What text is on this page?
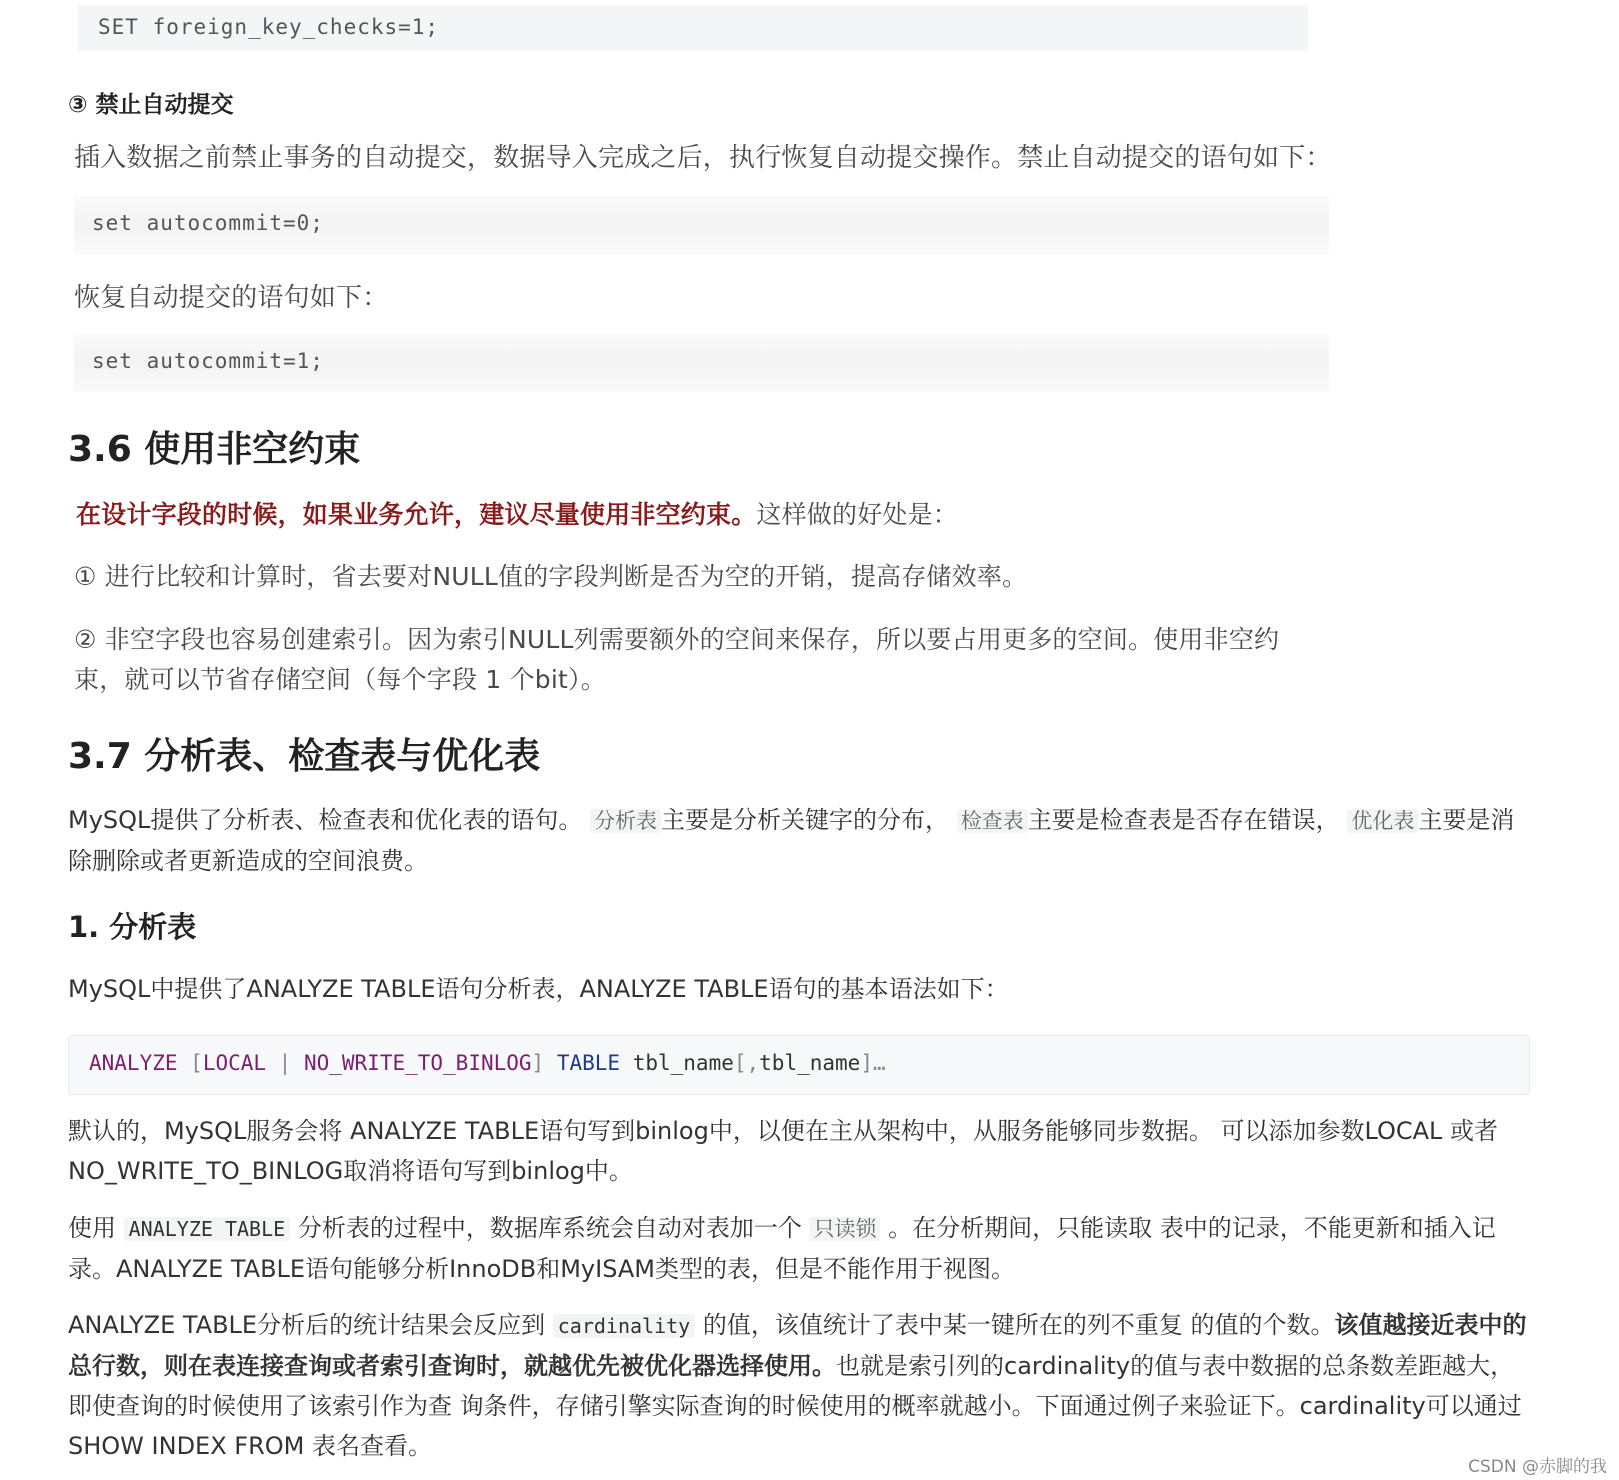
SET foreign_key_checks=1;
③ 禁止自动提交
插入数据之前禁止事务的自动提交，数据导入完成之后，执行恢复自动提交操作。禁止自动提交的语句如下：
set autocommit=0;
恢复自动提交的语句如下：
set autocommit=1;
3.6 使用非空约束
在设计字段的时候，如果业务允许，建议尽量使用非空约束。这样做的好处是：
① 进行比较和计算时，省去要对NULL值的字段判断是否为空的开销，提高存储效率。
② 非空字段也容易创建索引。因为索引NULL列需要额外的空间来保存，所以要占用更多的空间。使用非空约
束，就可以节省存储空间（每个字段 1 个bit）。
3.7 分析表、检查表与优化表
MySQL提供了分析表、检查表和优化表的语句。 分析表 主要是分析关键字的分布， 检查表 主要是检查表是否存在错误， 优化表 主要是消除删除或者更新造成的空间浪费。
1. 分析表
MySQL中提供了ANALYZE TABLE语句分析表，ANALYZE TABLE语句的基本语法如下：
ANALYZE [LOCAL | NO_WRITE_TO_BINLOG] TABLE tbl_name[,tbl_name]…
默认的，MySQL服务会将 ANALYZE TABLE语句写到binlog中，以便在主从架构中，从服务能够同步数据。 可以添加参数LOCAL 或者 NO_WRITE_TO_BINLOG取消将语句写到binlog中。
使用 ANALYZE TABLE 分析表的过程中，数据库系统会自动对表加一个 只读锁 。在分析期间，只能读取 表中的记录，不能更新和插入记录。ANALYZE TABLE语句能够分析InnoDB和MyISAM类型的表，但是不能作用于视图。
ANALYZE TABLE分析后的统计结果会反应到 cardinality 的值，该值统计了表中某一键所在的列不重复 的值的个数。该值越接近表中的总行数，则在表连接查询或者索引查询时，就越优先被优化器选择使用。也就是索引列的cardinality的值与表中数据的总条数差距越大，即使查询的时候使用了该索引作为查 询条件，存储引擎实际查询的时候使用的概率就越小。下面通过例子来验证下。cardinality可以通过 SHOW INDEX FROM 表名查看。
CSDN @赤脚的我
